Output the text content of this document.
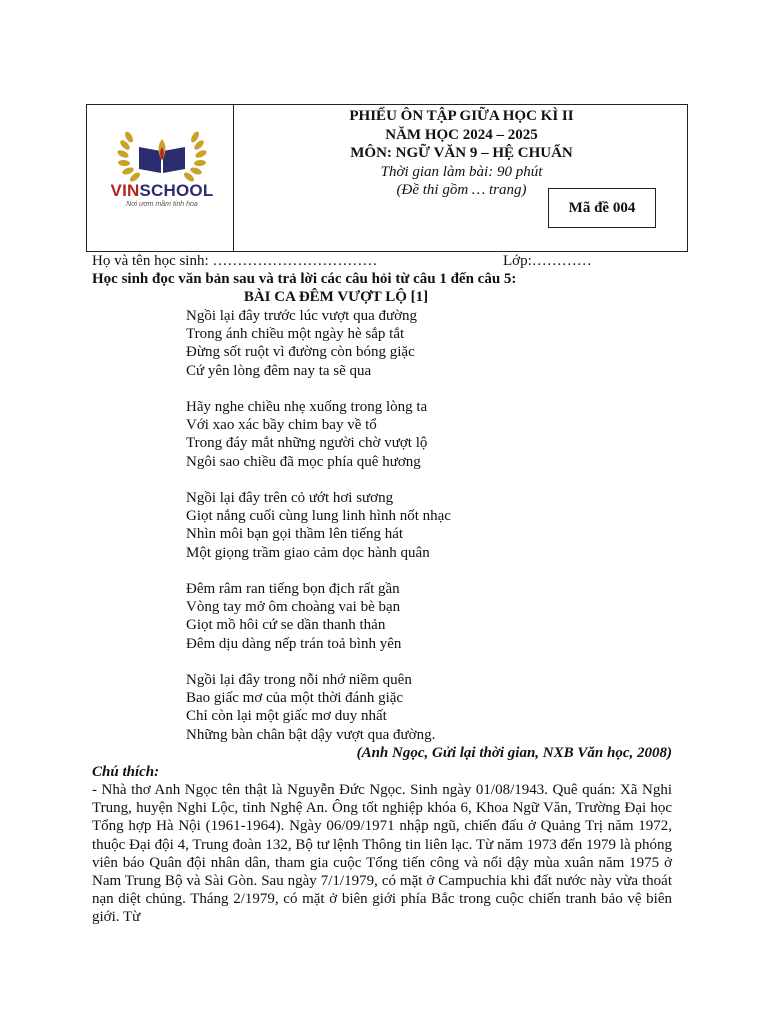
VINSCHOOL
Nơi ươm mầm tinh hoa
PHIẾU ÔN TẬP GIỮA HỌC KÌ II
NĂM HỌC 2024 – 2025
MÔN: NGỮ VĂN 9 – HỆ CHUẨN
Thời gian làm bài: 90 phút
(Đề thi gồm … trang)
Mã đề 004
Họ và tên học sinh: ……………………………	Lớp:…………
Học sinh đọc văn bản sau và trả lời các câu hỏi từ câu 1 đến câu 5:
BÀI CA ĐÊM VƯỢT LỘ [1]
Ngồi lại đây trước lúc vượt qua đường
Trong ánh chiều một ngày hè sắp tắt
Đừng sốt ruột vì đường còn bóng giặc
Cứ yên lòng đêm nay ta sẽ qua
Hãy nghe chiều nhẹ xuống trong lòng ta
Với xao xác bầy chim bay về tổ
Trong đáy mắt những người chờ vượt lộ
Ngôi sao chiều đã mọc phía quê hương
Ngồi lại đây trên cỏ ướt hơi sương
Giọt nắng cuối cùng lung linh hình nốt nhạc
Nhìn môi bạn gọi thầm lên tiếng hát
Một giọng trầm giao cảm dọc hành quân
Đêm râm ran tiếng bọn địch rất gần
Vòng tay mở ôm choàng vai bè bạn
Giọt mồ hôi cứ se dần thanh thản
Đêm dịu dàng nếp trán toả bình yên
Ngồi lại đây trong nỗi nhớ niềm quên
Bao giấc mơ của một thời đánh giặc
Chỉ còn lại một giấc mơ duy nhất
Những bàn chân bật dậy vượt qua đường.
(Anh Ngọc, Gửi lại thời gian, NXB Văn học, 2008)
Chú thích:
- Nhà thơ Anh Ngọc tên thật là Nguyễn Đức Ngọc. Sinh ngày 01/08/1943. Quê quán: Xã Nghi Trung, huyện Nghi Lộc, tỉnh Nghệ An. Ông tốt nghiệp khóa 6, Khoa Ngữ Văn, Trường Đại học Tổng hợp Hà Nội (1961-1964). Ngày 06/09/1971 nhập ngũ, chiến đấu ở Quảng Trị năm 1972, thuộc Đại đội 4, Trung đoàn 132, Bộ tư lệnh Thông tin liên lạc. Từ năm 1973 đến 1979 là phóng viên báo Quân đội nhân dân, tham gia cuộc Tổng tiến công và nổi dậy mùa xuân năm 1975 ở Nam Trung Bộ và Sài Gòn. Sau ngày 7/1/1979, có mặt ở Campuchia khi đất nước này vừa thoát nạn diệt chủng. Tháng 2/1979, có mặt ở biên giới phía Bắc trong cuộc chiến tranh bảo vệ biên giới. Từ
